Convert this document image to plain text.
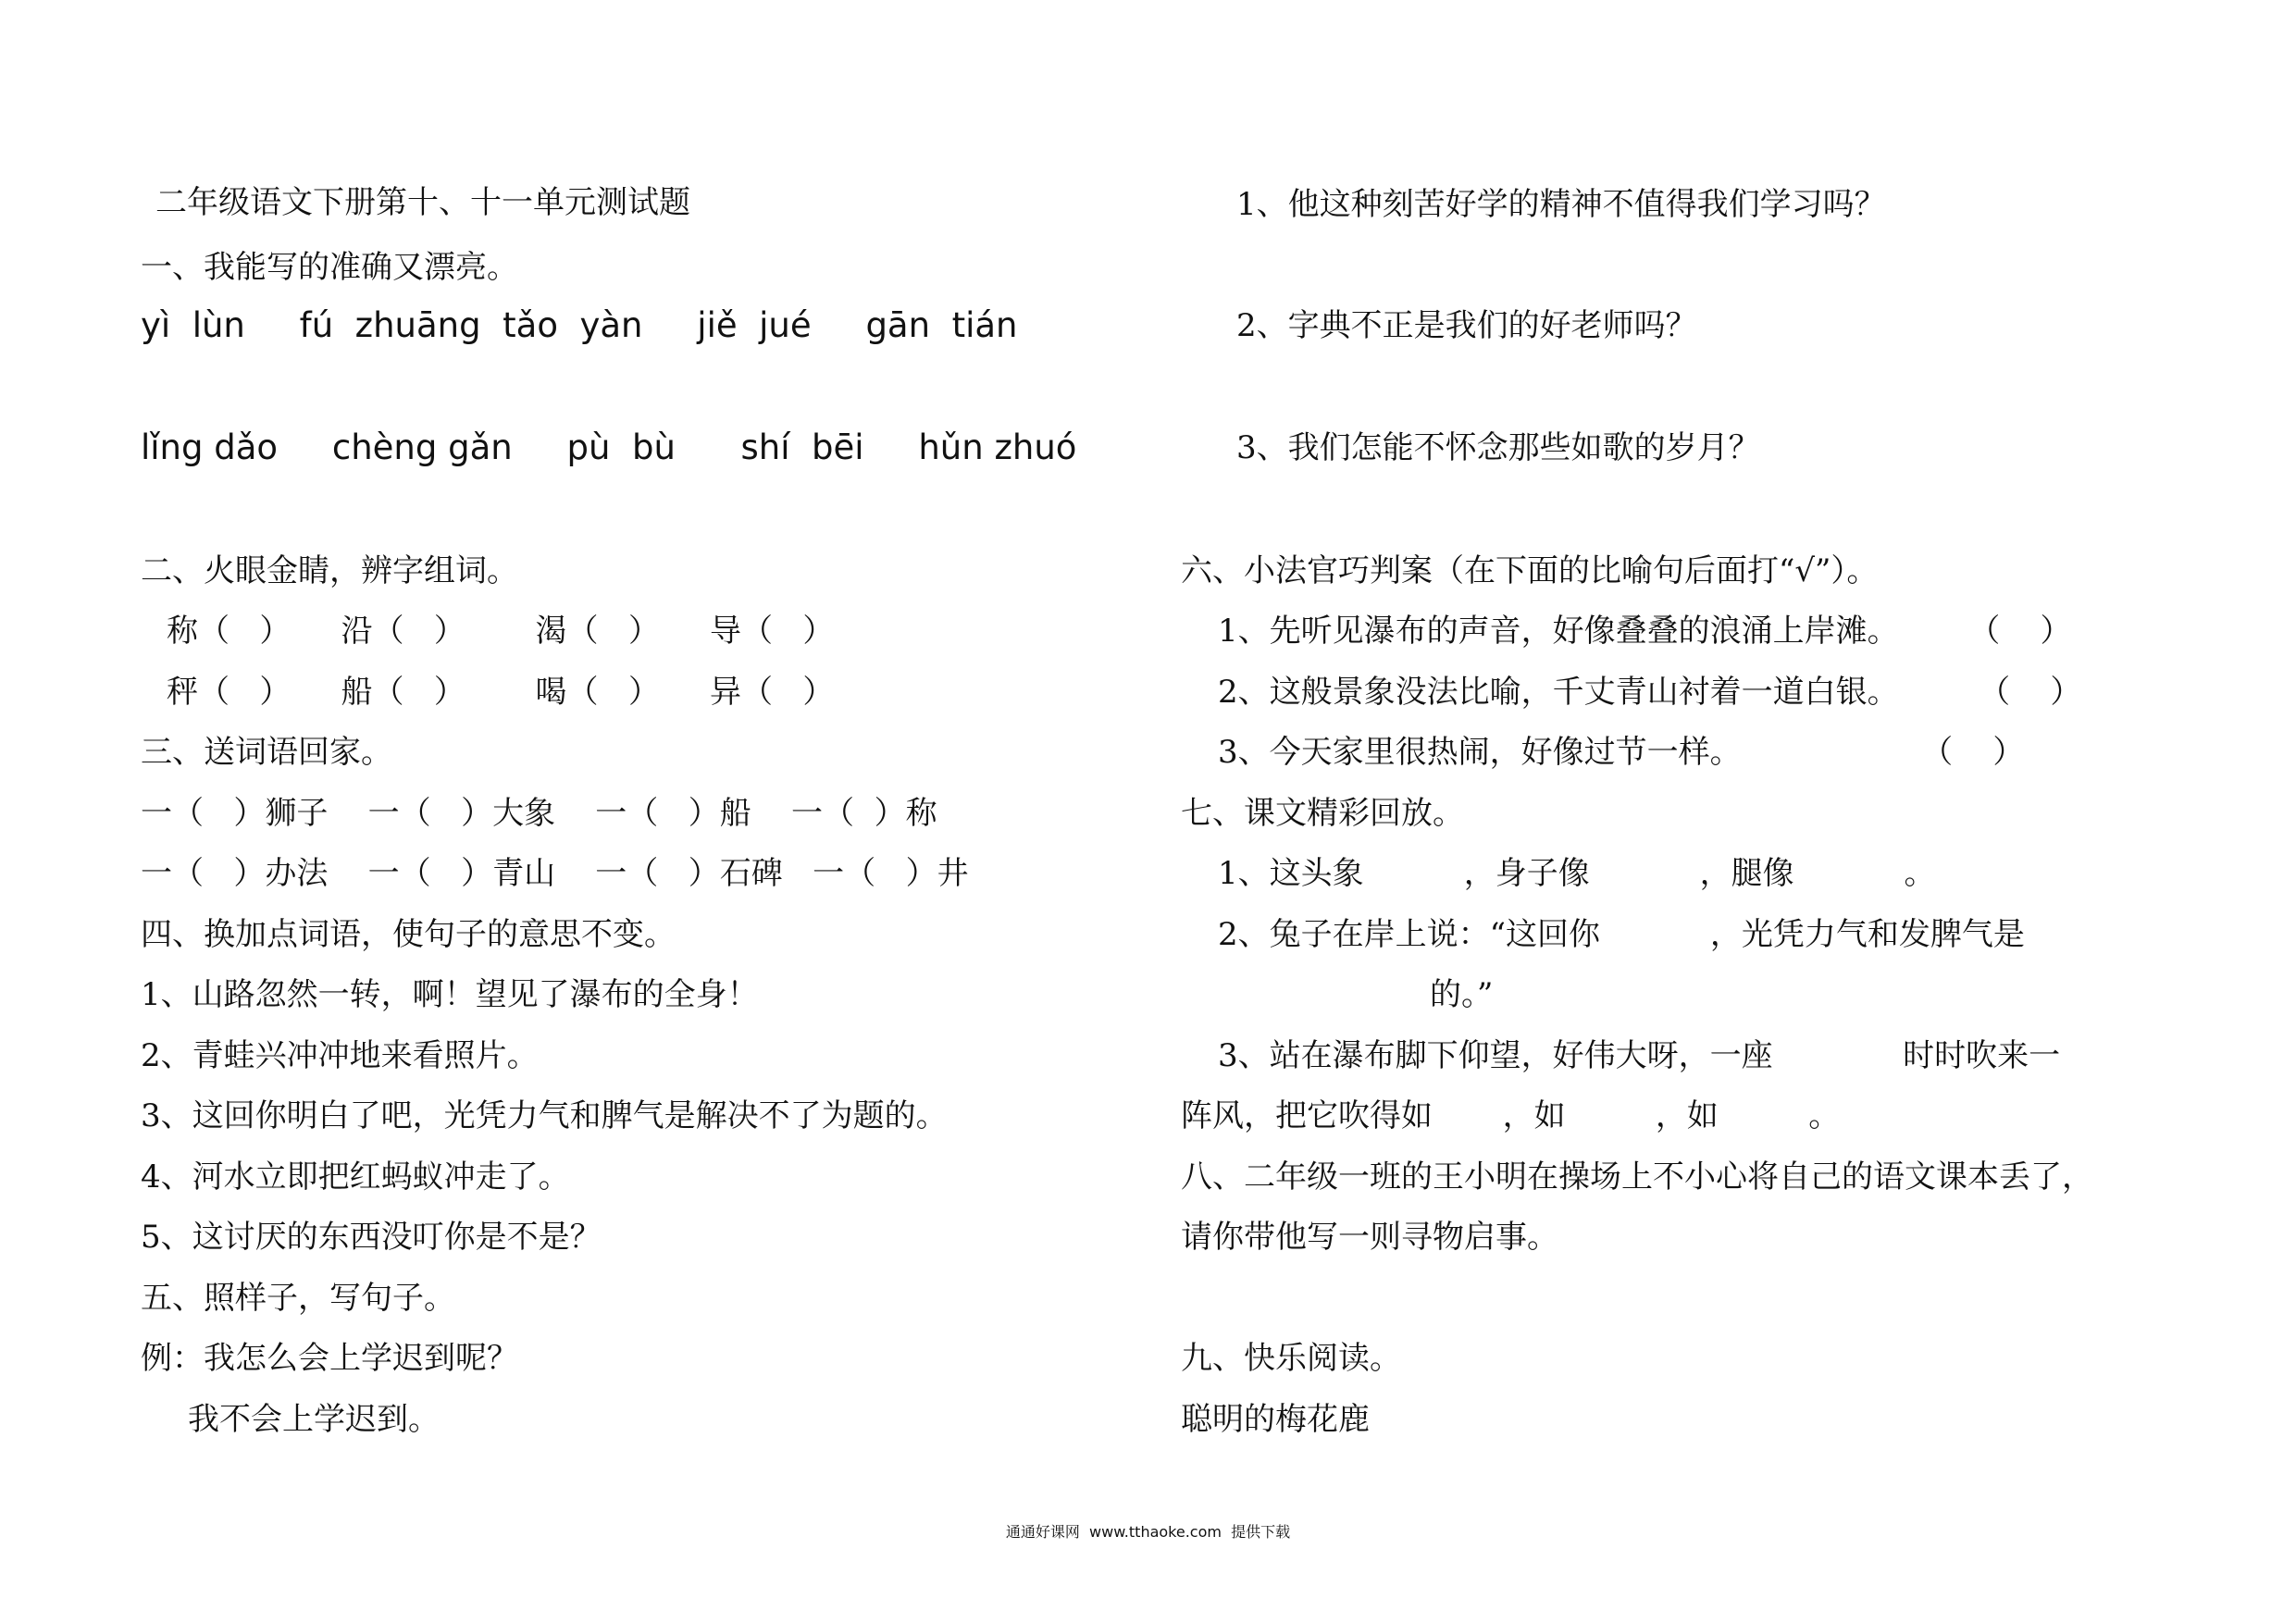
二年级语文下册第十、十一单元测试题
一、我能写的准确又漂亮。
yì  lùn     fú  zhuāng  tǎo  yàn     jiě  jué     gān  tián
lǐng dǎo     chèng gǎn     pù  bù      shí  bēi     hǔn zhuó
二、火眼金睛，辨字组词。
称（   ）     沿（   ）       渴（   ）     导（   ）
秤（   ）     船（   ）       喝（   ）     异（   ）
三、送词语回家。
一（   ）狮子    一（   ）大象    一（   ）船    一（  ）称
一（   ）办法    一（   ）青山    一（   ）石碑   一（   ）井
四、换加点词语，使句子的意思不变。
1、山路忽然一转，啊！望见了瀑布的全身！
2、青蛙兴冲冲地来看照片。
3、这回你明白了吧，光凭力气和脾气是解决不了为题的。
4、河水立即把红蚂蚁冲走了。
5、这讨厌的东西没叮你是不是？
五、照样子，写句子。
例：我怎么会上学迟到呢？
我不会上学迟到。
1、他这种刻苦好学的精神不值得我们学习吗？
2、字典不正是我们的好老师吗？
3、我们怎能不怀念那些如歌的岁月？
六、小法官巧判案（在下面的比喻句后面打“√”）。
1、先听见瀑布的声音，好像叠叠的浪涌上岸滩。       （    ）
2、这般景象没法比喻，千丈青山衬着一道白银。        （    ）
3、今天家里很热闹，好像过节一样。                  （    ）
七、课文精彩回放。
1、这头象          ，身子像           ，腿像           。
2、兔子在岸上说：“这回你           ，光凭力气和发脾气是
的。”
3、站在瀑布脚下仰望，好伟大呀，一座             时时吹来一
阵风，把它吹得如       ，如         ，如         。
八、二年级一班的王小明在操场上不小心将自己的语文课本丢了，
请你带他写一则寻物启事。
九、快乐阅读。
聪明的梅花鹿
通通好课网  www.tthaoke.com  提供下载
